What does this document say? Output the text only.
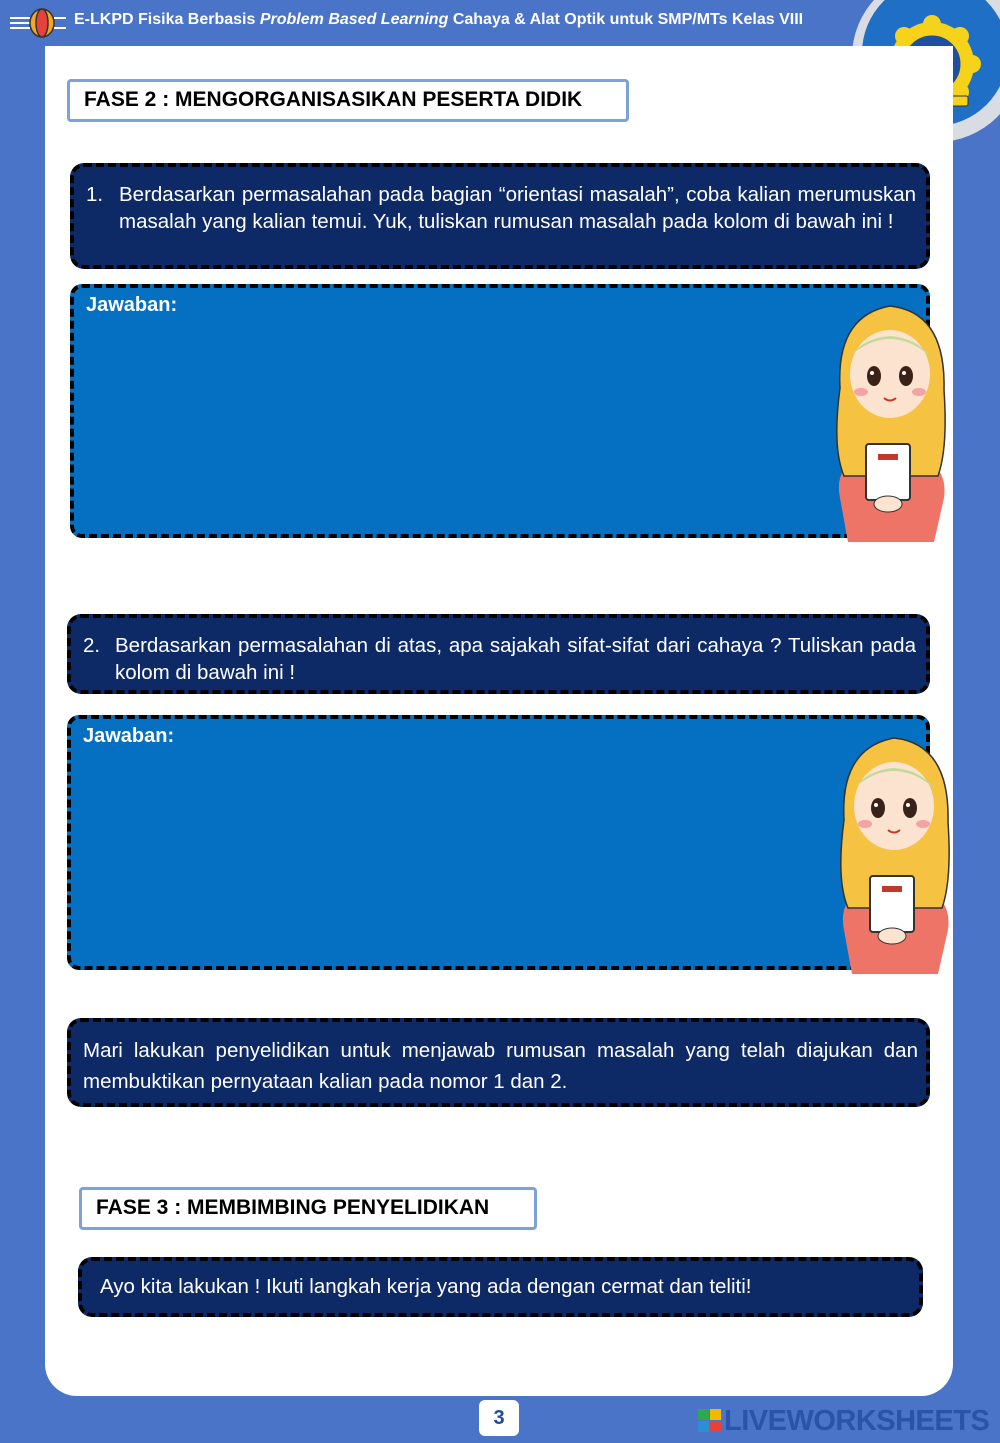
E-LKPD Fisika Berbasis Problem Based Learning Cahaya & Alat Optik untuk SMP/MTs Kelas VIII
FASE 2 : MENGORGANISASIKAN PESERTA DIDIK
1. Berdasarkan permasalahan pada bagian “orientasi masalah”, coba kalian merumuskan masalah yang kalian temui. Yuk, tuliskan rumusan masalah pada kolom di bawah ini !
Jawaban:
2. Berdasarkan permasalahan di atas, apa sajakah sifat-sifat dari cahaya ? Tuliskan pada kolom di bawah ini !
Jawaban:
Mari lakukan penyelidikan untuk menjawab rumusan masalah yang telah diajukan dan membuktikan pernyataan kalian pada nomor 1 dan 2.
FASE 3 : MEMBIMBING PENYELIDIKAN
Ayo kita lakukan ! Ikuti langkah kerja yang ada dengan cermat dan teliti!
3	LIVEWORKSHEETS
